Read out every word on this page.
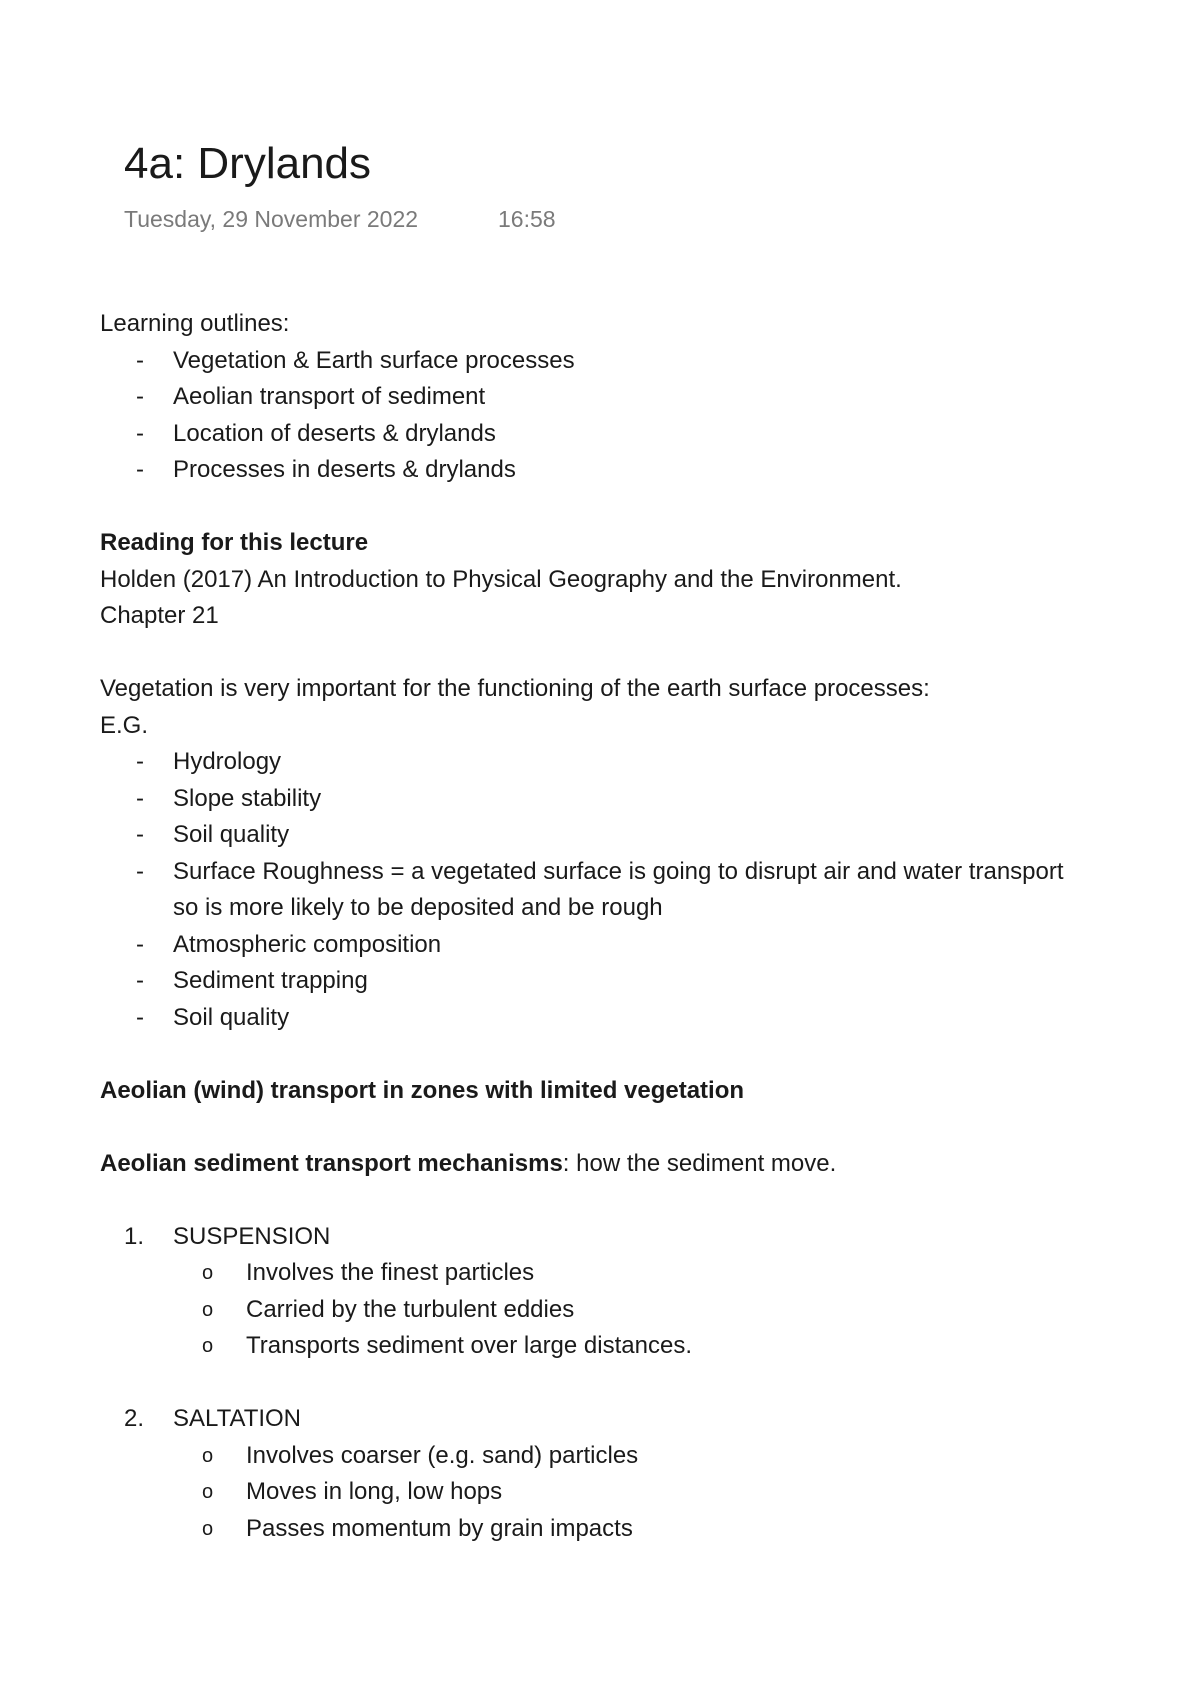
4a: Drylands
Tuesday, 29 November 2022	16:58

Learning outlines:

- Vegetation & Earth surface processes

- Aeolian transport of sediment

- Location of deserts & drylands

- Processes in deserts & drylands

Reading for this lecture

Holden (2017) An Introduction to Physical Geography and the Environment.

Chapter 21

Vegetation is very important for the functioning of the earth surface processes:

E.G.

- Hydrology

- Slope stability

- Soil quality

- Surface Roughness = a vegetated surface is going to disrupt air and water transport so is more likely to be deposited and be rough

- Atmospheric composition

- Sediment trapping

- Soil quality

Aeolian (wind) transport in zones with limited vegetation

Aeolian sediment transport mechanisms: how the sediment move.

1. SUSPENSION

o Involves the finest particles

o Carried by the turbulent eddies

o Transports sediment over large distances.

2. SALTATION

o Involves coarser (e.g. sand) particles

o Moves in long, low hops

o Passes momentum by grain impacts
